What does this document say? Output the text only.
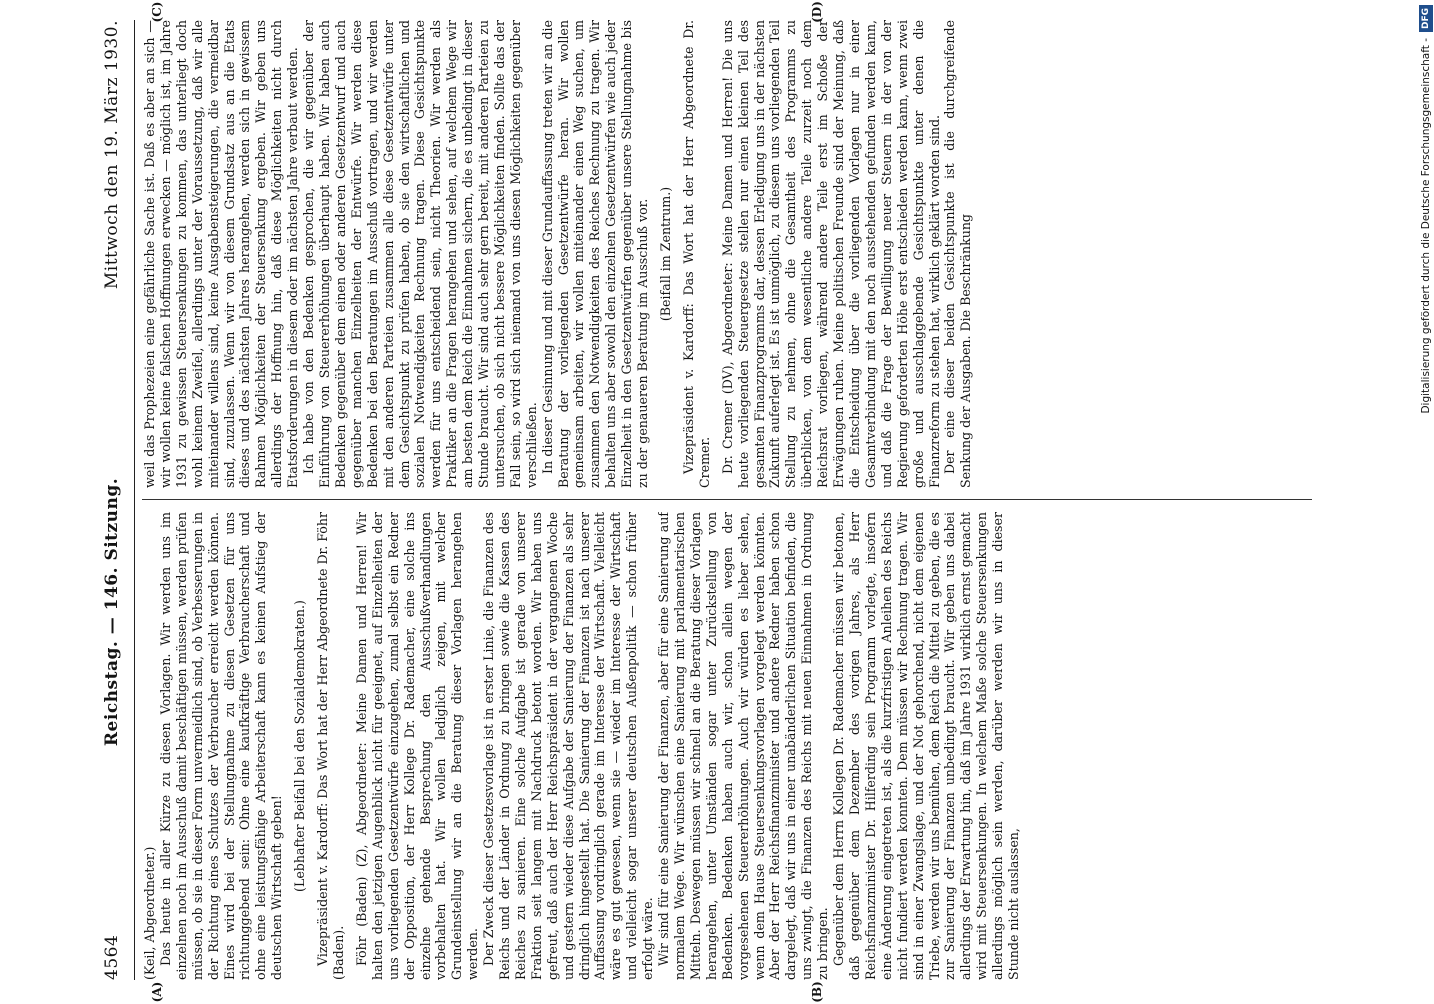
4564
Reichstag. — 146. Sitzung.
Mittwoch den 19. März 1930.
(A)	(B)
(C)	(D)

(Keil, Abgeordneter.) Das heute in aller Kürze zu diesen Vorlagen. Wir werden uns im einzelnen noch im Ausschuß damit beschäftigen müssen, werden prüfen müssen, ob sie in dieser Form unvermeidlich sind, ob Verbesserungen in der Richtung eines Schutzes der Verbraucher erreicht werden können. Eines wird bei der Stellungnahme zu diesen Gesetzen für uns richtunggebend sein: Ohne eine kaufkräftige Verbraucherschaft und ohne eine leistungsfähige Arbeiterschaft kann es keinen Aufstieg der deutschen Wirtschaft geben! (Lebhafter Beifall bei den Sozialdemokraten.) Vizepräsident v. Kardorff: Das Wort hat der Herr Abgeordnete Dr. Föhr (Baden). Föhr (Baden) (Z), Abgeordneter: Meine Damen und Herren! Wir halten den jetzigen Augenblick nicht für geeignet, auf Einzelheiten der uns vorliegenden Gesetzentwürfe einzugehen, zumal selbst ein Redner der Opposition, der Herr Kollege Dr. Rademacher, eine solche ins einzelne gehende Besprechung den Ausschußverhandlungen vorbehalten hat. Wir wollen lediglich zeigen, mit welcher Grundeinstellung wir an die Beratung dieser Vorlagen herangehen werden. Der Zweck dieser Gesetzesvorlage ist in erster Linie, die Finanzen des Reichs und der Länder in Ordnung zu bringen sowie die Kassen des Reiches zu sanieren. Eine solche Aufgabe ist gerade von unserer Fraktion seit langem mit Nachdruck betont worden. Wir haben uns gefreut, daß auch der Herr Reichspräsident in der vergangenen Woche und gestern wieder diese Aufgabe der Sanierung der Finanzen als sehr dringlich hingestellt hat. Die Sanierung der Finanzen ist nach unserer Auffassung vordringlich gerade im Interesse der Wirtschaft. Vielleicht wäre es gut gewesen, wenn sie — wieder im Interesse der Wirtschaft und vielleicht sogar unserer deutschen Außenpolitik — schon früher erfolgt wäre. Wir sind für eine Sanierung der Finanzen, aber für eine Sanierung auf normalem Wege. Wir wünschen eine Sanierung mit parlamentarischen Mitteln. Deswegen müssen wir schnell an die Beratung dieser Vorlagen herangehen, unter Umständen sogar unter Zurückstellung von Bedenken. Bedenken haben auch wir, schon allein wegen der vorgesehenen Steuererhöhungen. Auch wir würden es lieber sehen, wenn dem Hause Steuersenkungsvorlagen vorgelegt werden könnten. Aber der Herr Reichsfinanzminister und andere Redner haben schon dargelegt, daß wir uns in einer unabänderlichen Situation befinden, die uns zwingt, die Finanzen des Reichs mit neuen Einnahmen in Ordnung zu bringen. Gegenüber dem Herrn Kollegen Dr. Rademacher müssen wir betonen, daß gegenüber dem Dezember des vorigen Jahres, als Herr Reichsfinanzminister Dr. Hilferding sein Programm vorlegte, insofern eine Änderung eingetreten ist, als die kurzfristigen Anleihen des Reichs nicht fundiert werden konnten. Dem müssen wir Rechnung tragen. Wir sind in einer Zwangslage, und der Not gehorchend, nicht dem eigenen Triebe, werden wir uns bemühen, dem Reich die Mittel zu geben, die es zur Sanierung der Finanzen unbedingt braucht. Wir geben uns dabei allerdings der Erwartung hin, daß im Jahre 1931 wirklich ernst gemacht wird mit Steuersenkungen. In welchem Maße solche Steuersenkungen allerdings möglich sein werden, darüber werden wir uns in dieser Stunde nicht auslassen,

weil das Prophezeien eine gefährliche Sache ist. Daß es aber an sich — wir wollen keine falschen Hoffnungen erwecken — möglich ist, im Jahre 1931 zu gewissen Steuersenkungen zu kommen, das unterliegt doch wohl keinem Zweifel, allerdings unter der Voraussetzung, daß wir alle miteinander willens sind, keine Ausgabensteigerungen, die vermeidbar sind, zuzulassen. Wenn wir von diesem Grundsatz aus an die Etats dieses und des nächsten Jahres herangehen, werden sich in gewissem Rahmen Möglichkeiten der Steuersenkung ergeben. Wir geben uns allerdings der Hoffnung hin, daß diese Möglichkeiten nicht durch Etatsforderungen in diesem oder im nächsten Jahre verbaut werden. Ich habe von den Bedenken gesprochen, die wir gegenüber der Einführung von Steuererhöhungen überhaupt haben. Wir haben auch Bedenken gegenüber dem einen oder anderen Gesetzentwurf und auch gegenüber manchen Einzelheiten der Entwürfe. Wir werden diese Bedenken bei den Beratungen im Ausschuß vortragen, und wir werden mit den anderen Parteien zusammen alle diese Gesetzentwürfe unter dem Gesichtspunkt zu prüfen haben, ob sie den wirtschaftlichen und sozialen Notwendigkeiten Rechnung tragen. Diese Gesichtspunkte werden für uns entscheidend sein, nicht Theorien. Wir werden als Praktiker an die Fragen herangehen und sehen, auf welchem Wege wir am besten dem Reich die Einnahmen sichern, die es unbedingt in dieser Stunde braucht. Wir sind auch sehr gern bereit, mit anderen Parteien zu untersuchen, ob sich nicht bessere Möglichkeiten finden. Sollte das der Fall sein, so wird sich niemand von uns diesen Möglichkeiten gegenüber verschließen. In dieser Gesinnung und mit dieser Grundauffassung treten wir an die Beratung der vorliegenden Gesetzentwürfe heran. Wir wollen gemeinsam arbeiten, wir wollen miteinander einen Weg suchen, um zusammen den Notwendigkeiten des Reiches Rechnung zu tragen. Wir behalten uns aber sowohl den einzelnen Gesetzentwürfen wie auch jeder Einzelheit in den Gesetzentwürfen gegenüber unsere Stellungnahme bis zu der genaueren Beratung im Ausschuß vor. (Beifall im Zentrum.) Vizepräsident v. Kardorff: Das Wort hat der Herr Abgeordnete Dr. Cremer. Dr. Cremer (DV), Abgeordneter: Meine Damen und Herren! Die uns heute vorliegenden Steuergesetze stellen nur einen kleinen Teil des gesamten Finanzprogramms dar, dessen Erledigung uns in der nächsten Zukunft auferlegt ist. Es ist unmöglich, zu diesem uns vorliegenden Teil Stellung zu nehmen, ohne die Gesamtheit des Programms zu überblicken, von dem wesentliche andere Teile zurzeit noch dem Reichsrat vorliegen, während andere Teile erst im Schoße der Erwägungen ruhen. Meine politischen Freunde sind der Meinung, daß die Entscheidung über die vorliegenden Vorlagen nur in einer Gesamtverbindung mit den noch ausstehenden gefunden werden kann, und daß die Frage der Bewilligung neuer Steuern in der von der Regierung geforderten Höhe erst entschieden werden kann, wenn zwei große und ausschlaggebende Gesichtspunkte unter denen die Finanzreform zu stehen hat, wirklich geklärt worden sind. Der eine dieser beiden Gesichtspunkte ist die durchgreifende Senkung der Ausgaben. Die Beschränkung	Digitalisierung gefördert durch die Deutsche Forschungsgemeinschaft -
DFG
